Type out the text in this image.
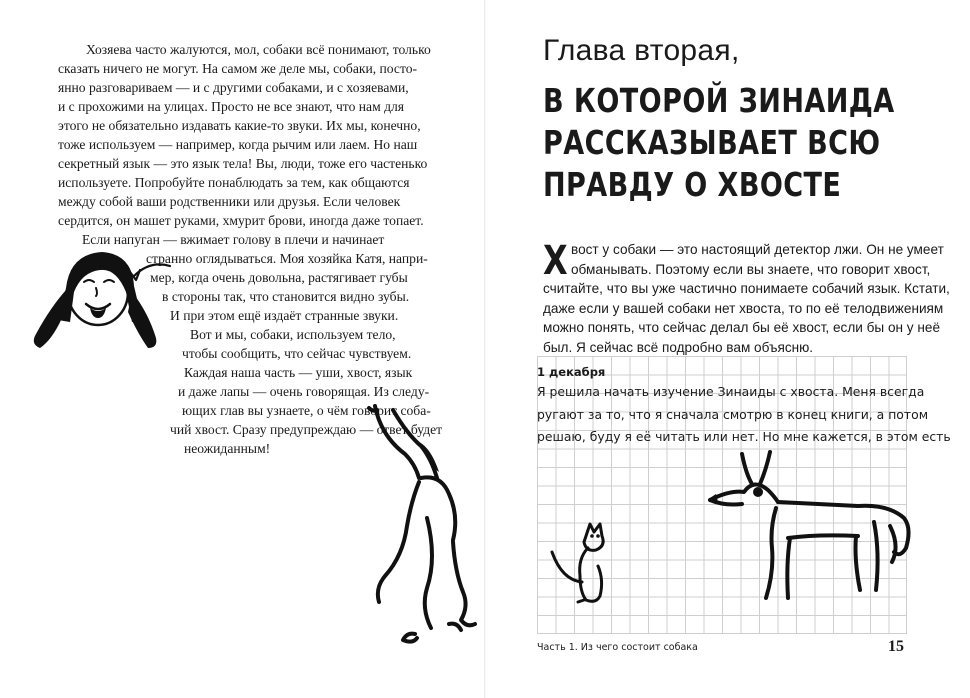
Хозяева часто жалуются, мол, собаки всё понимают, только
сказать ничего не могут. На самом же деле мы, собаки, посто-
янно разговариваем — и с другими собаками, и с хозяевами,
и с прохожими на улицах. Просто не все знают, что нам для
этого не обязательно издавать какие-то звуки. Их мы, конечно,
тоже используем — например, когда рычим или лаем. Но наш
секретный язык — это язык тела! Вы, люди, тоже его частенько
используете. Попробуйте понаблюдать за тем, как общаются
между собой ваши родственники или друзья. Если человек
сердится, он машет руками, хмурит брови, иногда даже топает.
Если напуган — вжимает голову в плечи и начинает
странно оглядываться. Моя хозяйка Катя, напри-
мер, когда очень довольна, растягивает губы
в стороны так, что становится видно зубы.
И при этом ещё издаёт странные звуки.
Вот и мы, собаки, используем тело,
чтобы сообщить, что сейчас чувствуем.
Каждая наша часть — уши, хвост, язык
и даже лапы — очень говорящая. Из следу-
ющих глав вы узнаете, о чём говорит соба-
чий хвост. Сразу предупреждаю — ответ будет
неожиданным!
Глава вторая,
В КОТОРОЙ ЗИНАИДА
РАССКАЗЫВАЕТ ВСЮ
ПРАВДУ О ХВОСТЕ
Х вост у собаки — это настоящий детектор лжи. Он не умеет
обманывать. Поэтому если вы знаете, что говорит хвост,
считайте, что вы уже частично понимаете собачий язык. Кстати,
даже если у вашей собаки нет хвоста, то по её телодвижениям
можно понять, что сейчас делал бы её хвост, если бы он у неё
был. Я сейчас всё подробно вам объясню.
1 декабря
Я решила начать изучение Зинаиды с хвоста. Меня всегда
ругают за то, что я сначала смотрю в конец книги, а потом
решаю, буду я её читать или нет. Но мне кажется, в этом есть
Часть 1. Из чего состоит собака	15
